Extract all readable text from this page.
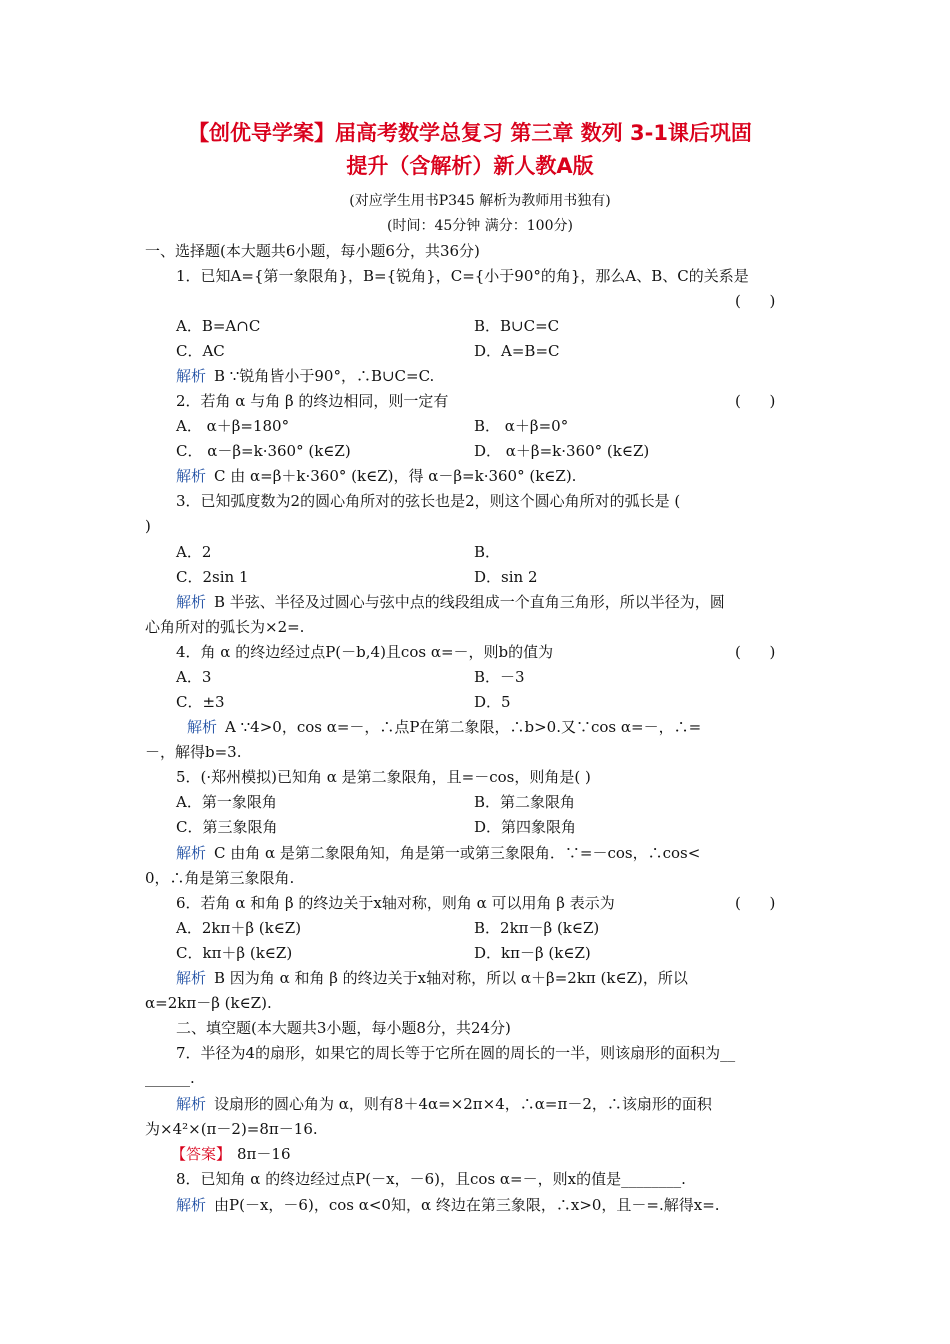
【创优导学案】届高考数学总复习 第三章 数列 3-1课后巩固
提升（含解析）新人教A版
(对应学生用书P345 解析为教师用书独有)
(时间：45分钟 满分：100分)
一、选择题(本大题共6小题，每小题6分，共36分)
1．已知A={第一象限角}，B={锐角}，C={小于90°的角}，那么A、B、C的关系是
(      )
A．B=A∩C	B．B∪C=C
C．AC	D．A=B=C
解析 B ∵锐角皆小于90°，∴B∪C=C.
2．若角 α 与角 β 的终边相同，则一定有	(      )
A． α＋β=180°	B． α＋β=0°
C． α－β=k·360° (k∈Z)	D． α＋β=k·360° (k∈Z)
解析 C 由 α=β＋k·360° (k∈Z)，得 α－β=k·360° (k∈Z).
3．已知弧度数为2的圆心角所对的弦长也是2，则这个圆心角所对的弧长是 (
)
A．2	B．
C．2sin 1	D．sin 2
解析 B 半弦、半径及过圆心与弦中点的线段组成一个直角三角形，所以半径为，圆
心角所对的弧长为×2=.
4．角 α 的终边经过点P(－b,4)且cos α=－，则b的值为	(      )
A．3	B．－3
C．±3	D．5
解析 A ∵4>0，cos α=－，∴点P在第二象限，∴b>0.又∵cos α=－，∴=
－，解得b=3.
5．(·郑州模拟)已知角 α 是第二象限角，且=－cos，则角是( )
A．第一象限角	B．第二象限角
C．第三象限角	D．第四象限角
解析 C 由角 α 是第二象限角知，角是第一或第三象限角．∵=－cos，∴cos<
0，∴角是第三象限角.
6．若角 α 和角 β 的终边关于x轴对称，则角 α 可以用角 β 表示为	(      )
A．2kπ＋β (k∈Z)	B．2kπ－β (k∈Z)
C．kπ＋β (k∈Z)	D．kπ－β (k∈Z)
解析 B 因为角 α 和角 β 的终边关于x轴对称，所以 α＋β=2kπ (k∈Z)，所以
α=2kπ－β (k∈Z).
二、填空题(本大题共3小题，每小题8分，共24分)
7．半径为4的扇形，如果它的周长等于它所在圆的周长的一半，则该扇形的面积为__
______.
解析 设扇形的圆心角为 α，则有8＋4α=×2π×4，∴α=π－2，∴该扇形的面积
为×4²×(π－2)=8π－16.
【答案】 8π－16
8．已知角 α 的终边经过点P(－x，－6)，且cos α=－，则x的值是________.
解析 由P(－x，－6)，cos α<0知，α 终边在第三象限，∴x>0，且－=.解得x=.
